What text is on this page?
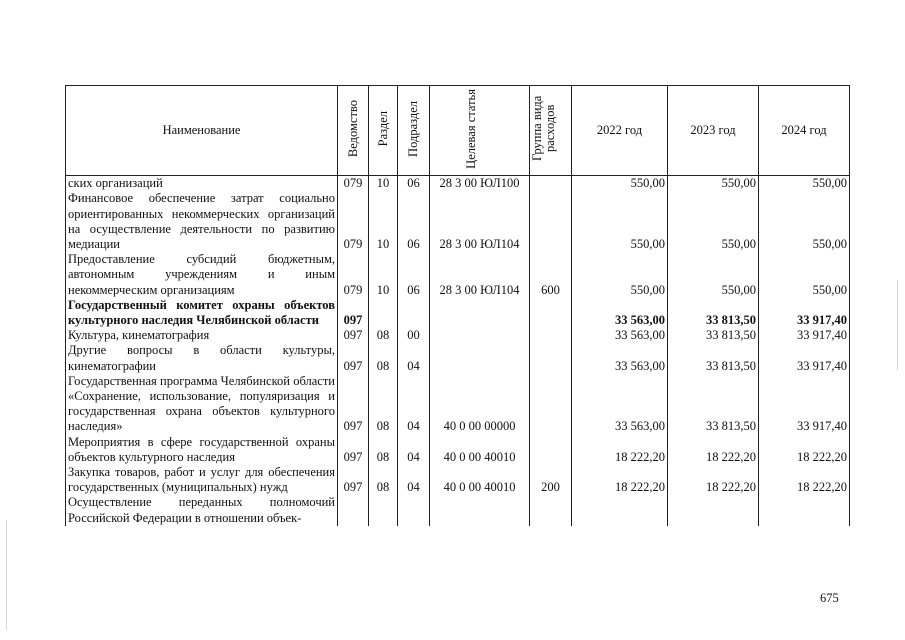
Наименование	Ведомство	Раздел	Подраздел	Целевая статья	Группа вида расходов	2022 год	2023 год	2024 год
ских организаций	079	10	06	28 3 00 ЮЛ100		550,00	550,00	550,00
Финансовое обеспечение затрат социально ориентированных некоммерческих организаций на осуществление деятельности по развитию медиации	079	10	06	28 3 00 ЮЛ104		550,00	550,00	550,00
Предоставление субсидий бюджетным, автономным учреждениям и иным некоммерческим организациям	079	10	06	28 3 00 ЮЛ104	600	550,00	550,00	550,00
Государственный комитет охраны объектов культурного наследия Челябинской области	097					33 563,00	33 813,50	33 917,40
Культура, кинематография	097	08	00			33 563,00	33 813,50	33 917,40
Другие вопросы в области культуры, кинематографии	097	08	04			33 563,00	33 813,50	33 917,40
Государственная программа Челябинской области «Сохранение, использование, популяризация и государственная охрана объектов культурного наследия»	097	08	04	40 0 00 00000		33 563,00	33 813,50	33 917,40
Мероприятия в сфере государственной охраны объектов культурного наследия	097	08	04	40 0 00 40010		18 222,20	18 222,20	18 222,20
Закупка товаров, работ и услуг для обеспечения государственных (муниципальных) нужд	097	08	04	40 0 00 40010	200	18 222,20	18 222,20	18 222,20
Осуществление переданных полномочий Российской Федерации в отношении объек-								
675
